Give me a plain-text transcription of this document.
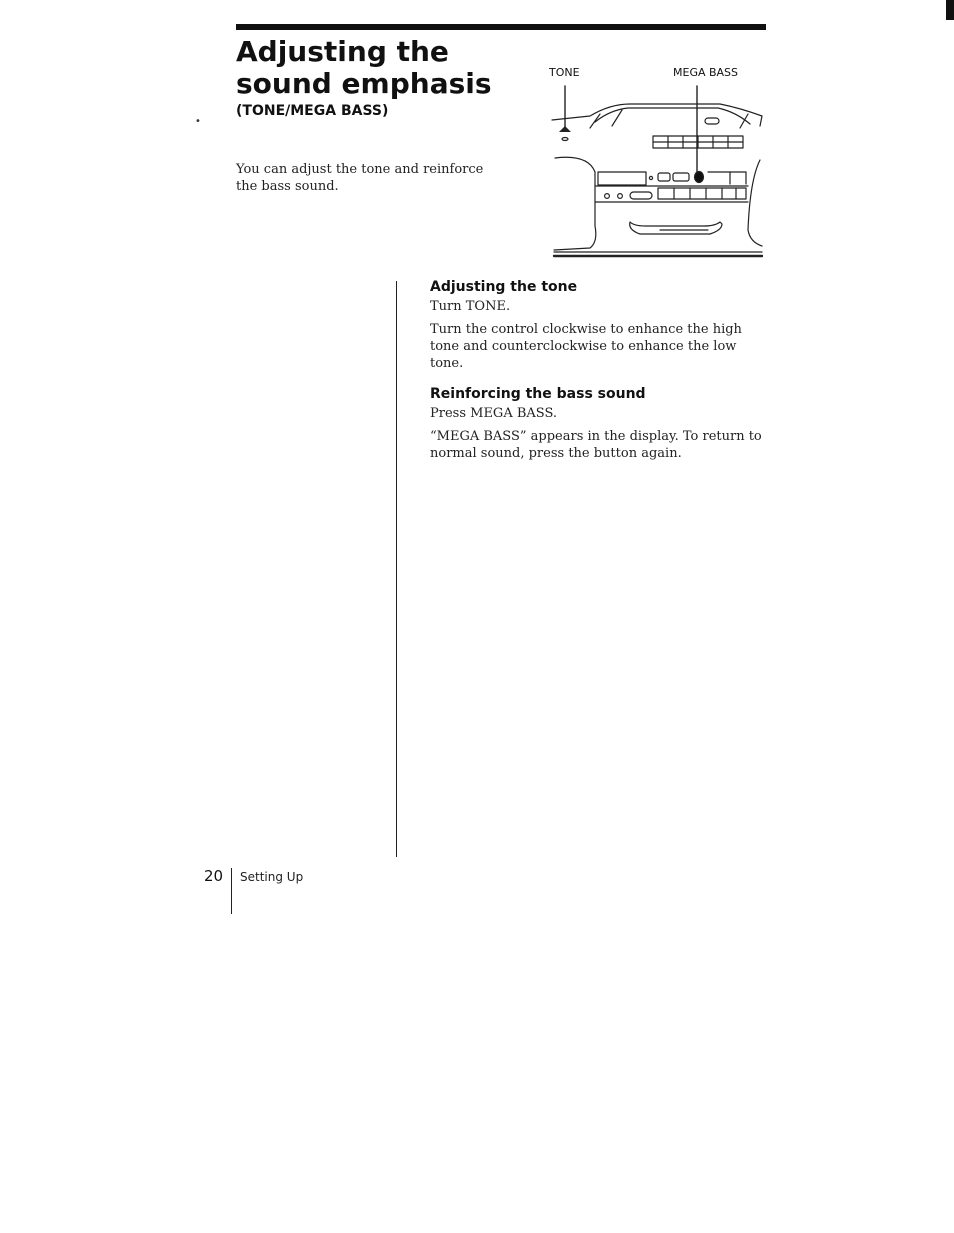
Adjusting the sound emphasis
(TONE/MEGA BASS)
•

You can adjust the tone and reinforce the bass sound.

TONE	MEGA BASS
Adjusting the tone

Turn TONE.

Turn the control clockwise to enhance the high tone and counterclockwise to enhance the low tone.

Reinforcing the bass sound

Press MEGA BASS.

“MEGA BASS” appears in the display. To return to normal sound, press the button again.

20 Setting Up
